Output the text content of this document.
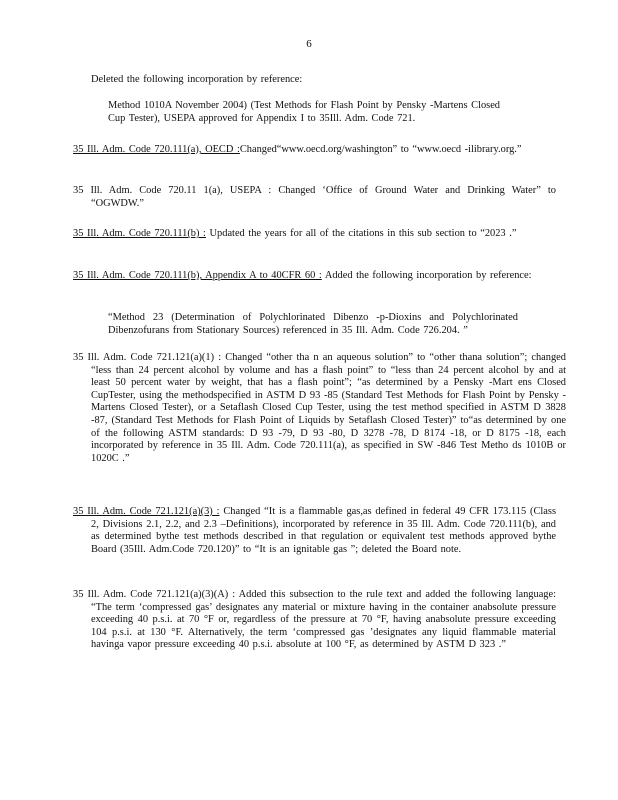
6
Deleted the following incorporation by reference:
Method 1010A November 2004) (Test Methods for Flash Point by Pensky -Martens Closed Cup Tester), USEPA approved for Appendix I to 35Ill. Adm. Code 721.
35 Ill. Adm. Code 720.111(a), OECD :Changed“www.oecd.org/washington” to “www.oecd -ilibrary.org.”
35 Ill. Adm. Code 720.11 1(a), USEPA : Changed ‘Office of Ground Water and Drinking Water” to “OGWDW.”
35 Ill. Adm. Code 720.111(b) : Updated the years for all of the citations in this sub section to “2023 .”
35 Ill. Adm. Code 720.111(b), Appendix A to 40CFR 60 : Added the following incorporation by reference:
“Method 23 (Determination of Polychlorinated Dibenzo -p-Dioxins and Polychlorinated Dibenzofurans from Stationary Sources) referenced in 35 Ill. Adm. Code 726.204. ”
35 Ill. Adm. Code 721.121(a)(1) : Changed “other tha n an aqueous solution” to “other thana solution”; changed “less than 24 percent alcohol by volume and has a flash point” to “less than 24 percent alcohol by and at least 50 percent water by weight, that has a flash point”; “as determined by a Pensky -Mart ens Closed CupTester, using the methodspecified in ASTM D 93 -85 (Standard Test Methods for Flash Point by Pensky -Martens Closed Tester), or a Setaflash Closed Cup Tester, using the test method specified in ASTM D 3828 -87, (Standard Test Methods for Flash Point of Liquids by Setaflash Closed Tester)” to“as determined by one of the following ASTM standards: D 93 -79, D 93 -80, D 3278 -78, D 8174 -18, or D 8175 -18, each incorporated by reference in 35 Ill. Adm. Code 720.111(a), as specified in SW -846 Test Metho ds 1010B or 1020C .”
35 Ill. Adm. Code 721.121(a)(3) : Changed “It is a flammable gas,as defined in federal 49 CFR 173.115 (Class 2, Divisions 2.1, 2.2, and 2.3 –Definitions), incorporated by reference in 35 Ill. Adm. Code 720.111(b), and as determined bythe test methods described in that regulation or equivalent test methods approved bythe Board (35Ill. Adm.Code 720.120)” to “It is an ignitable gas ”; deleted the Board note.
35 Ill. Adm. Code 721.121(a)(3)(A) : Added this subsection to the rule text and added the following language: “The term ‘compressed gas’ designates any material or mixture having in the container anabsolute pressure exceeding 40 p.s.i. at 70 °F or, regardless of the pressure at 70 °F, having anabsolute pressure exceeding 104 p.s.i. at 130 °F. Alternatively, the term ‘compressed gas ’designates any liquid flammable material havinga vapor pressure exceeding 40 p.s.i. absolute at 100 °F, as determined by ASTM D 323 .”
